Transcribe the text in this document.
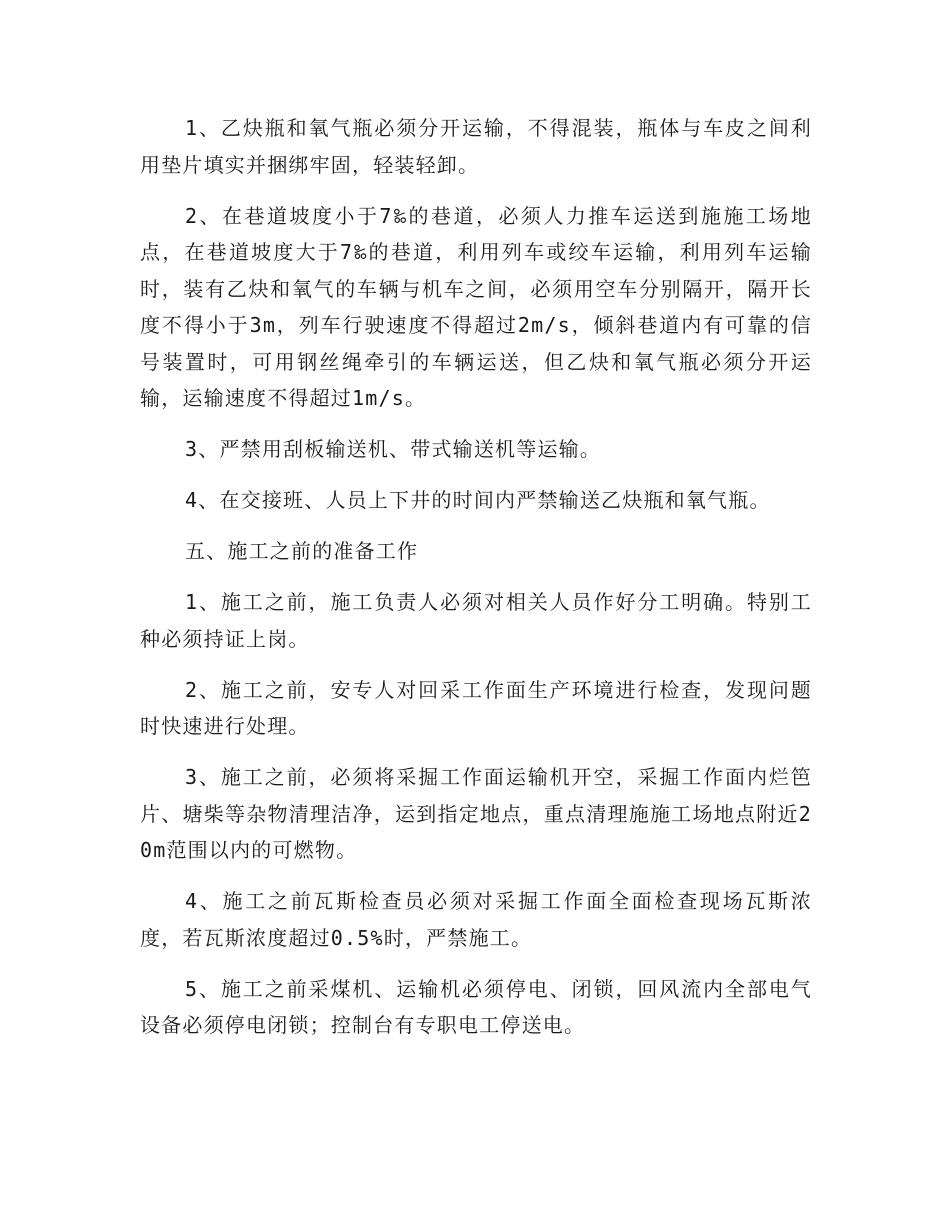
1、乙炔瓶和氧气瓶必须分开运输，不得混装，瓶体与车皮之间利用垫片填实并捆绑牢固，轻装轻卸。

2、在巷道坡度小于7‰的巷道，必须人力推车运送到施施工场地点，在巷道坡度大于7‰的巷道，利用列车或绞车运输，利用列车运输时，装有乙炔和氧气的车辆与机车之间，必须用空车分别隔开，隔开长度不得小于3m，列车行驶速度不得超过2m/s，倾斜巷道内有可靠的信号装置时，可用钢丝绳牵引的车辆运送，但乙炔和氧气瓶必须分开运输，运输速度不得超过1m/s。

3、严禁用刮板输送机、带式输送机等运输。

4、在交接班、人员上下井的时间内严禁输送乙炔瓶和氧气瓶。

五、施工之前的准备工作

1、施工之前，施工负责人必须对相关人员作好分工明确。特别工种必须持证上岗。

2、施工之前，安专人对回采工作面生产环境进行检查，发现问题时快速进行处理。

3、施工之前，必须将采掘工作面运输机开空，采掘工作面内烂笆片、塘柴等杂物清理洁净，运到指定地点，重点清理施施工场地点附近20m范围以内的可燃物。

4、施工之前瓦斯检查员必须对采掘工作面全面检查现场瓦斯浓度，若瓦斯浓度超过0.5%时，严禁施工。

5、施工之前采煤机、运输机必须停电、闭锁，回风流内全部电气设备必须停电闭锁；控制台有专职电工停送电。
